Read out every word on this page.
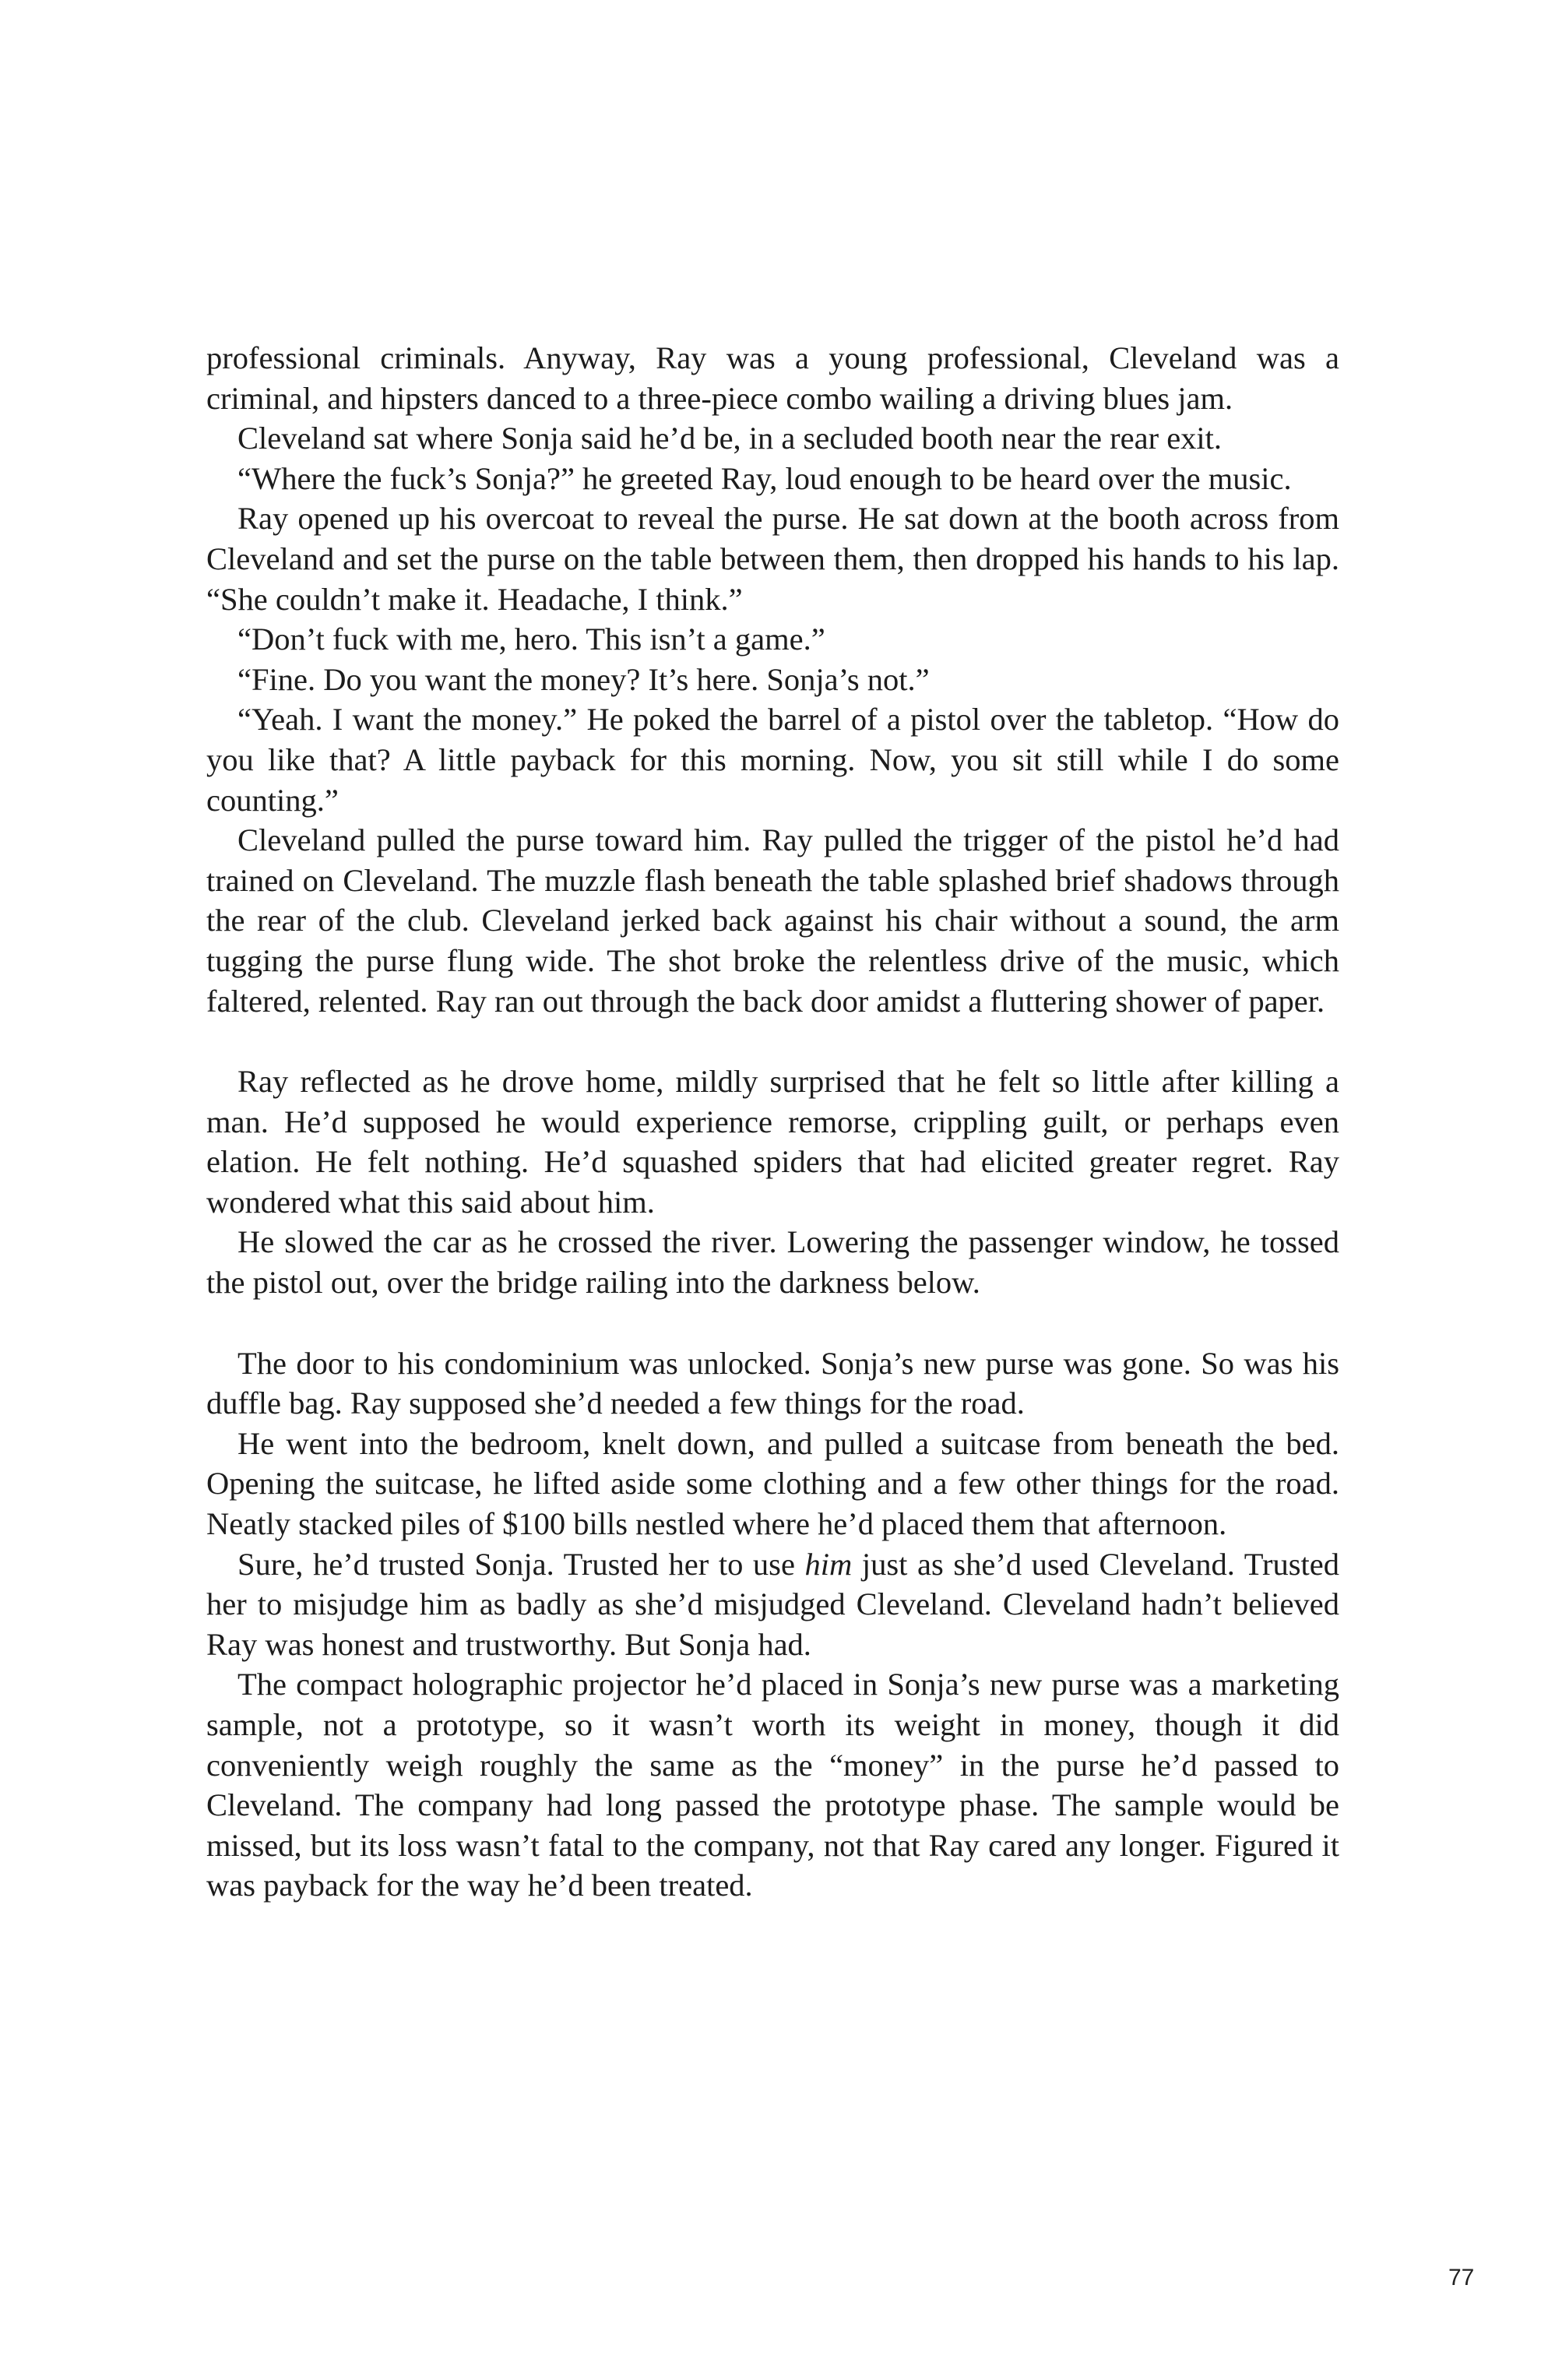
professional criminals. Anyway, Ray was a young professional, Cleveland was a criminal, and hipsters danced to a three-piece combo wailing a driving blues jam.

Cleveland sat where Sonja said he’d be, in a secluded booth near the rear exit.

“Where the fuck’s Sonja?” he greeted Ray, loud enough to be heard over the music.

Ray opened up his overcoat to reveal the purse. He sat down at the booth across from Cleveland and set the purse on the table between them, then dropped his hands to his lap. “She couldn’t make it. Headache, I think.”

“Don’t fuck with me, hero. This isn’t a game.”

“Fine. Do you want the money? It’s here. Sonja’s not.”

“Yeah. I want the money.” He poked the barrel of a pistol over the tabletop. “How do you like that? A little payback for this morning. Now, you sit still while I do some counting.”

Cleveland pulled the purse toward him. Ray pulled the trigger of the pistol he’d had trained on Cleveland. The muzzle flash beneath the table splashed brief shadows through the rear of the club. Cleveland jerked back against his chair without a sound, the arm tugging the purse flung wide. The shot broke the relentless drive of the music, which faltered, relented. Ray ran out through the back door amidst a fluttering shower of paper.

Ray reflected as he drove home, mildly surprised that he felt so little after killing a man. He’d supposed he would experience remorse, crippling guilt, or perhaps even elation. He felt nothing. He’d squashed spiders that had elicited greater regret. Ray wondered what this said about him.

He slowed the car as he crossed the river. Lowering the passenger window, he tossed the pistol out, over the bridge railing into the darkness below.

The door to his condominium was unlocked. Sonja’s new purse was gone. So was his duffle bag. Ray supposed she’d needed a few things for the road.

He went into the bedroom, knelt down, and pulled a suitcase from beneath the bed. Opening the suitcase, he lifted aside some clothing and a few other things for the road. Neatly stacked piles of $100 bills nestled where he’d placed them that afternoon.

Sure, he’d trusted Sonja. Trusted her to use him just as she’d used Cleveland. Trusted her to misjudge him as badly as she’d misjudged Cleveland. Cleveland hadn’t believed Ray was honest and trustworthy. But Sonja had.

The compact holographic projector he’d placed in Sonja’s new purse was a marketing sample, not a prototype, so it wasn’t worth its weight in money, though it did conveniently weigh roughly the same as the “money” in the purse he’d passed to Cleveland. The company had long passed the prototype phase. The sample would be missed, but its loss wasn’t fatal to the company, not that Ray cared any longer. Figured it was payback for the way he’d been treated.

77
